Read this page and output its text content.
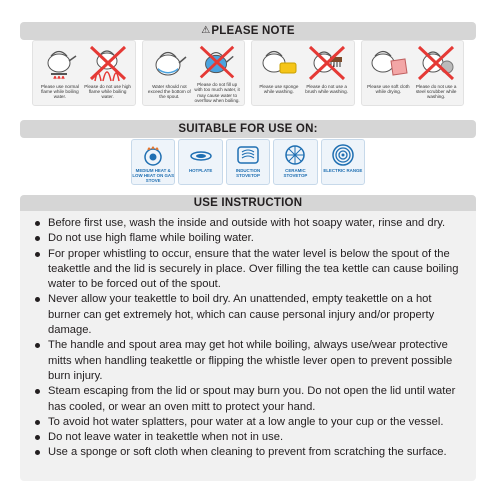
⚠PLEASE NOTE
Please use normal flame while boiling water.
Please do not use high flame while boiling water.
Water should not exceed the bottom of the spout.
Please do not fill up with too much water, it may cause water to overflow when boiling.
Please use sponge while washing.
Please do not use a brush while washing.
Please use soft cloth while drying.
Please do not use a steel scrubber while washing.
SUITABLE FOR USE ON:
MEDIUM HEAT & LOW HEAT ON GAS STOVE
HOTPLATE	INDUCTION STOVETOP
CERAMIC STOVETOP
ELECTRIC RANGE
USE INSTRUCTION
Before first use, wash the inside and outside with hot soapy water, rinse and dry.
Do not use high flame while boiling water.
For proper whistling to occur, ensure that the water level is below the spout of the teakettle and the lid is securely in place. Over filling the tea kettle can cause boiling water to be forced out of the spout.
Never allow your teakettle to boil dry. An unattended, empty teakettle on a hot burner can get extremely hot, which can cause personal injury and/or property damage.
The handle and spout area may get hot while boiling, always use/wear protective mitts when handling teakettle or flipping the whistle lever open to prevent possible burn injury.
Steam escaping from the lid or spout may burn you. Do not open the lid until water has cooled, or wear an oven mitt to protect your hand.
To avoid hot water splatters, pour water at a low angle to your cup or the vessel.
Do not leave water in teakettle when not in use.
Use a sponge or soft cloth when cleaning to prevent from scratching the surface.
